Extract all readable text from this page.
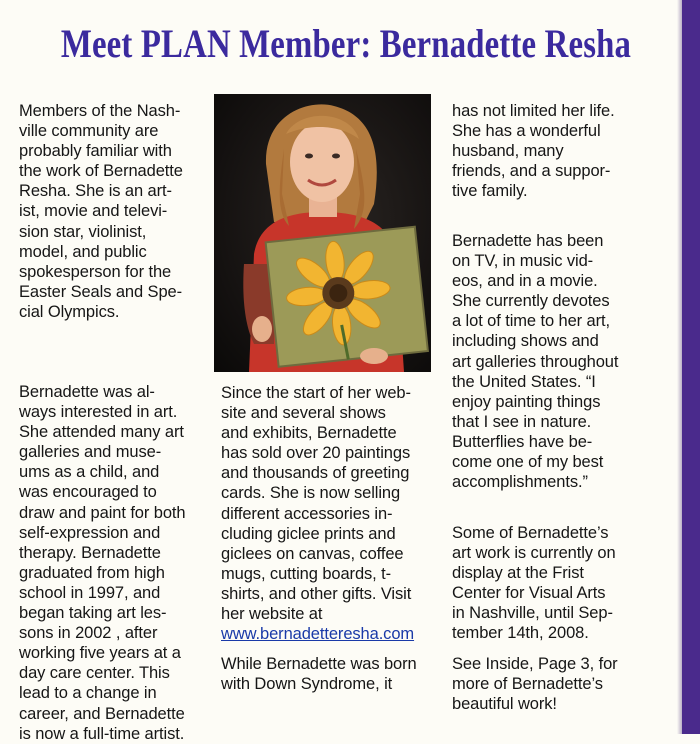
Meet PLAN Member: Bernadette Resha
Members of the Nash-
ville community are
probably familiar with
the work of Bernadette
Resha. She is an art-
ist, movie and televi-
sion star, violinist,
model, and public
spokesperson for the
Easter Seals and Spe-
cial Olympics.
Bernadette was al-
ways interested in art.
She attended many art
galleries and muse-
ums as a child, and
was encouraged to
draw and paint for both
self-expression and
therapy. Bernadette
graduated from high
school in 1997, and
began taking art les-
sons in 2002 , after
working five years at a
day care center. This
lead to a change in
career, and Bernadette
is now a full-time artist.
Since the start of her web-
site and several shows
and exhibits, Bernadette
has sold over 20 paintings
and thousands of greeting
cards. She is now selling
different accessories in-
cluding giclee prints and
giclees on canvas, coffee
mugs, cutting boards, t-
shirts, and other gifts. Visit
her website at
www.bernadetteresha.com
While Bernadette was born
with Down Syndrome, it
has not limited her life.
She has a wonderful
husband, many
friends, and a suppor-
tive family.
Bernadette has been
on TV, in music vid-
eos, and in a movie.
She currently devotes
a lot of time to her art,
including shows and
art galleries throughout
the United States. “I
enjoy painting things
that I see in nature.
Butterflies have be-
come one of my best
accomplishments.”
Some of Bernadette’s
art work is currently on
display at the Frist
Center for Visual Arts
in Nashville, until Sep-
tember 14th, 2008.
See Inside, Page 3, for
more of Bernadette’s
beautiful work!
